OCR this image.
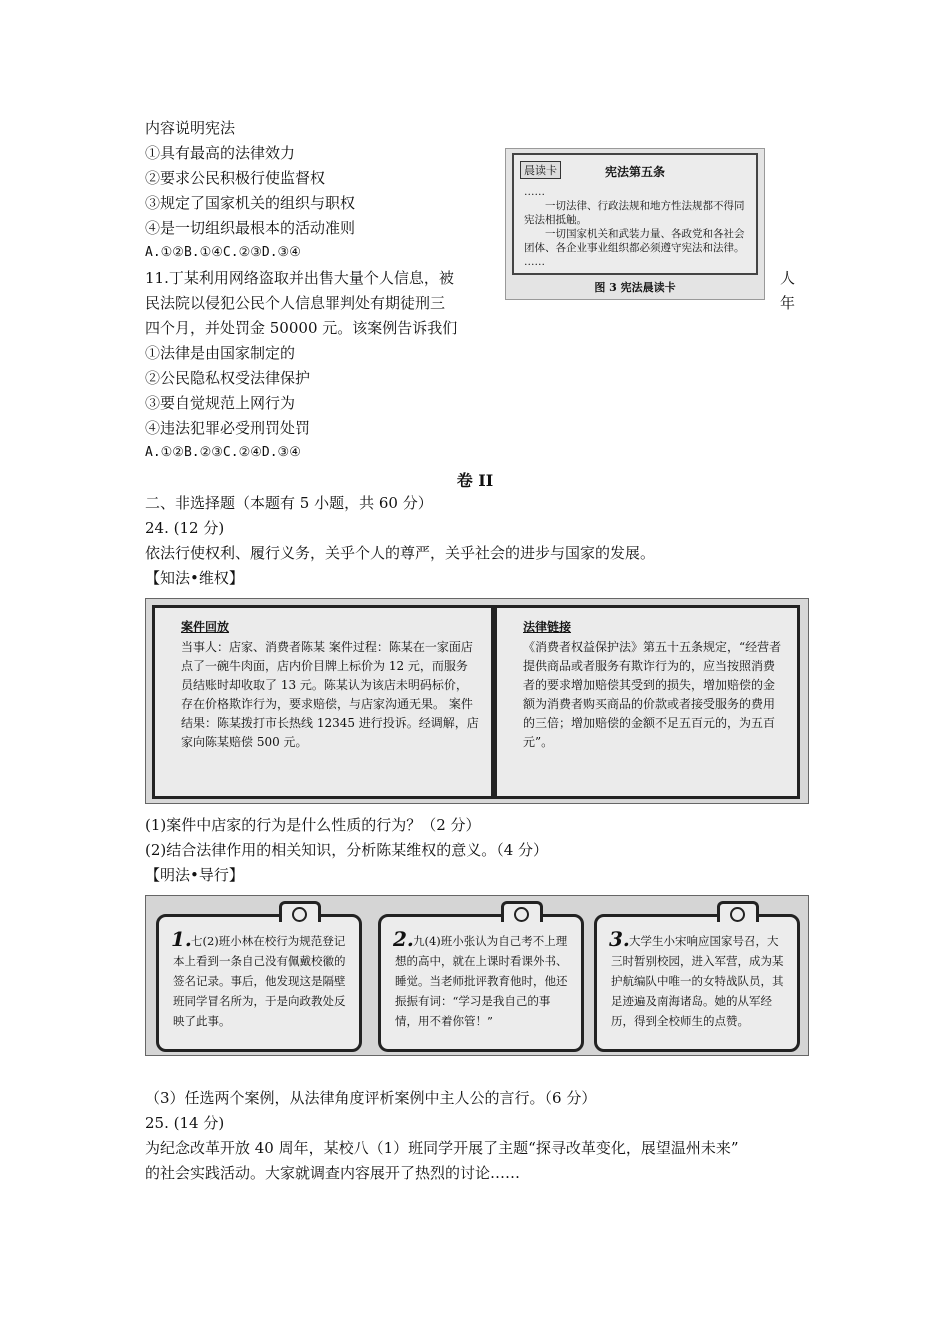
内容说明宪法
①具有最高的法律效力
②要求公民积极行使监督权
③规定了国家机关的组织与职权
④是一切组织最根本的活动准则
A.①②B.①④C.②③D.③④
晨读卡	宪法第五条
……
一切法律、行政法规和地方性法规都不得同宪法相抵触。
一切国家机关和武装力量、各政党和各社会团体、各企业事业组织都必须遵守宪法和法律。
……
图 3 宪法晨读卡
11.丁某利用网络盗取并出售大量个人信息，被	人
民法院以侵犯公民个人信息罪判处有期徒刑三	年
四个月，并处罚金 50000 元。该案例告诉我们
①法律是由国家制定的
②公民隐私权受法律保护
③要自觉规范上网行为
④违法犯罪必受刑罚处罚
A.①②B.②③C.②④D.③④
卷 II
二、非选择题（本题有 5 小题，共 60 分）
24. (12 分)
依法行使权利、履行义务，关乎个人的尊严，关乎社会的进步与国家的发展。
【知法•维权】
案件回放
当事人：店家、消费者陈某 案件过程：陈某在一家面店点了一碗牛肉面，店内价目牌上标价为 12 元，而服务员结账时却收取了 13 元。陈某认为该店未明码标价，存在价格欺诈行为，要求赔偿，与店家沟通无果。 案件结果：陈某拨打市长热线 12345 进行投诉。经调解，店家向陈某赔偿 500 元。
法律链接
《消费者权益保护法》第五十五条规定，“经营者提供商品或者服务有欺诈行为的，应当按照消费者的要求增加赔偿其受到的损失，增加赔偿的金额为消费者购买商品的价款或者接受服务的费用的三倍；增加赔偿的金额不足五百元的，为五百元”。
(1)案件中店家的行为是什么性质的行为？（2 分）
(2)结合法律作用的相关知识，分析陈某维权的意义。（4 分）
【明法•导行】
1. 七(2)班小林在校行为规范登记本上看到一条自己没有佩戴校徽的签名记录。事后，他发现这是隔壁班同学冒名所为，于是向政教处反映了此事。
2. 九(4)班小张认为自己考不上理想的高中，就在上课时看课外书、睡觉。当老师批评教育他时，他还振振有词：“学习是我自己的事情，用不着你管！”
3. 大学生小宋响应国家号召，大三时暂别校园，进入军营，成为某护航编队中唯一的女特战队员，其足迹遍及南海诸岛。她的从军经历，得到全校师生的点赞。
（3）任选两个案例，从法律角度评析案例中主人公的言行。（6 分）
25. (14 分)
为纪念改革开放 40 周年，某校八（1）班同学开展了主题“探寻改革变化，展望温州未来”
的社会实践活动。大家就调查内容展开了热烈的讨论……
